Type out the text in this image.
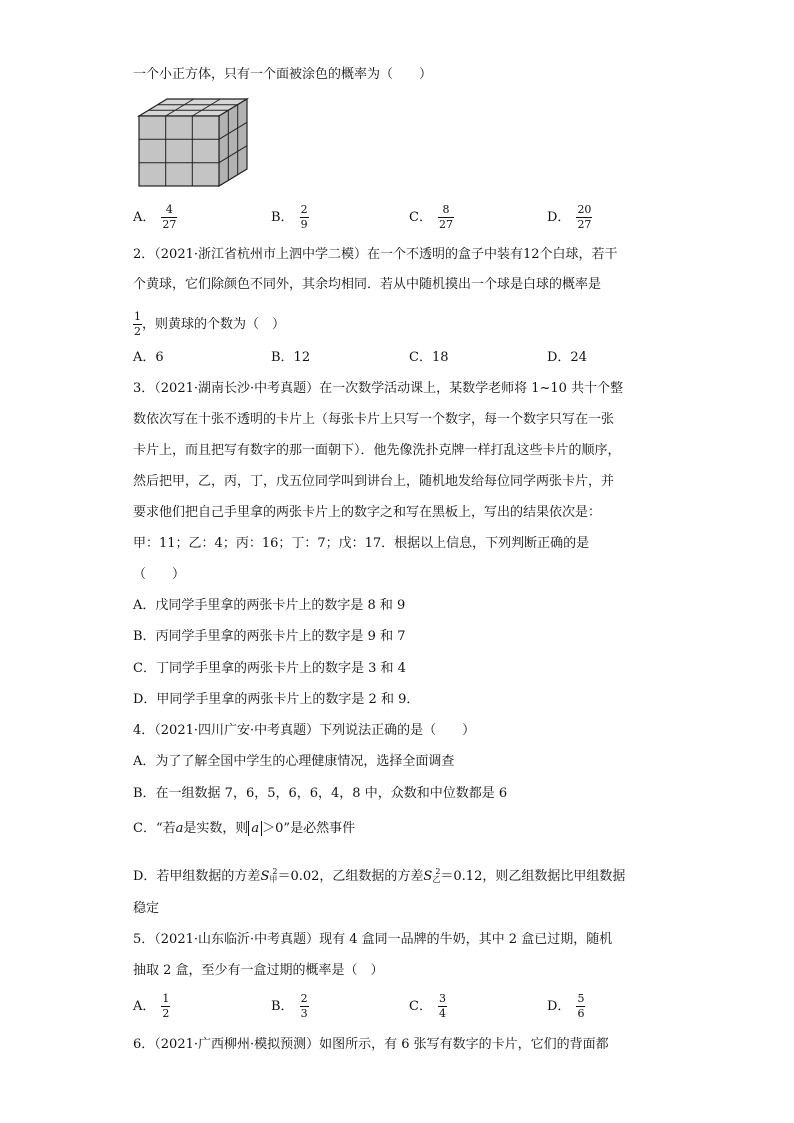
一个小正方体，只有一个面被涂色的概率为（　　）
A． $\frac{4}{27}$	B． $\frac{2}{9}$	C． $\frac{8}{27}$	D． $\frac{20}{27}$
2．（2021·浙江省杭州市上泗中学二模）在一个不透明的盒子中装有12个白球，若干
个黄球，它们除颜色不同外，其余均相同．若从中随机摸出一个球是白球的概率是
$\frac{1}{2}$ ，则黄球的个数为（　）
A．6	B．12	C．18	D．24
3．（2021·湖南长沙·中考真题）在一次数学活动课上，某数学老师将 1~10 共十个整
数依次写在十张不透明的卡片上（每张卡片上只写一个数字，每一个数字只写在一张
卡片上，而且把写有数字的那一面朝下）．他先像洗扑克牌一样打乱这些卡片的顺序，
然后把甲，乙，丙，丁，戊五位同学叫到讲台上，随机地发给每位同学两张卡片，并
要求他们把自己手里拿的两张卡片上的数字之和写在黑板上，写出的结果依次是：
甲：11；乙：4；丙：16；丁：7；戊：17．根据以上信息，下列判断正确的是
（　　）
A．戊同学手里拿的两张卡片上的数字是 8 和 9
B．丙同学手里拿的两张卡片上的数字是 9 和 7
C．丁同学手里拿的两张卡片上的数字是 3 和 4
D．甲同学手里拿的两张卡片上的数字是 2 和 9．
4．（2021·四川广安·中考真题）下列说法正确的是（　　）
A．为了了解全国中学生的心理健康情况，选择全面调查
B．在一组数据 7，6，5，6，6，4，8 中，众数和中位数都是 6
C．“若a是实数，则 a ＞0”是必然事件
D．若甲组数据的方差$S_甲^2=0.02$，乙组数据的方差$S_乙^2=0.12$，则乙组数据比甲组数据
稳定
5．（2021·山东临沂·中考真题）现有 4 盒同一品牌的牛奶，其中 2 盒已过期，随机
抽取 2 盒，至少有一盒过期的概率是（　）
A． $\frac{1}{2}$	B． $\frac{2}{3}$	C． $\frac{3}{4}$	D． $\frac{5}{6}$
6．（2021·广西柳州·模拟预测）如图所示，有 6 张写有数字的卡片，它们的背面都
